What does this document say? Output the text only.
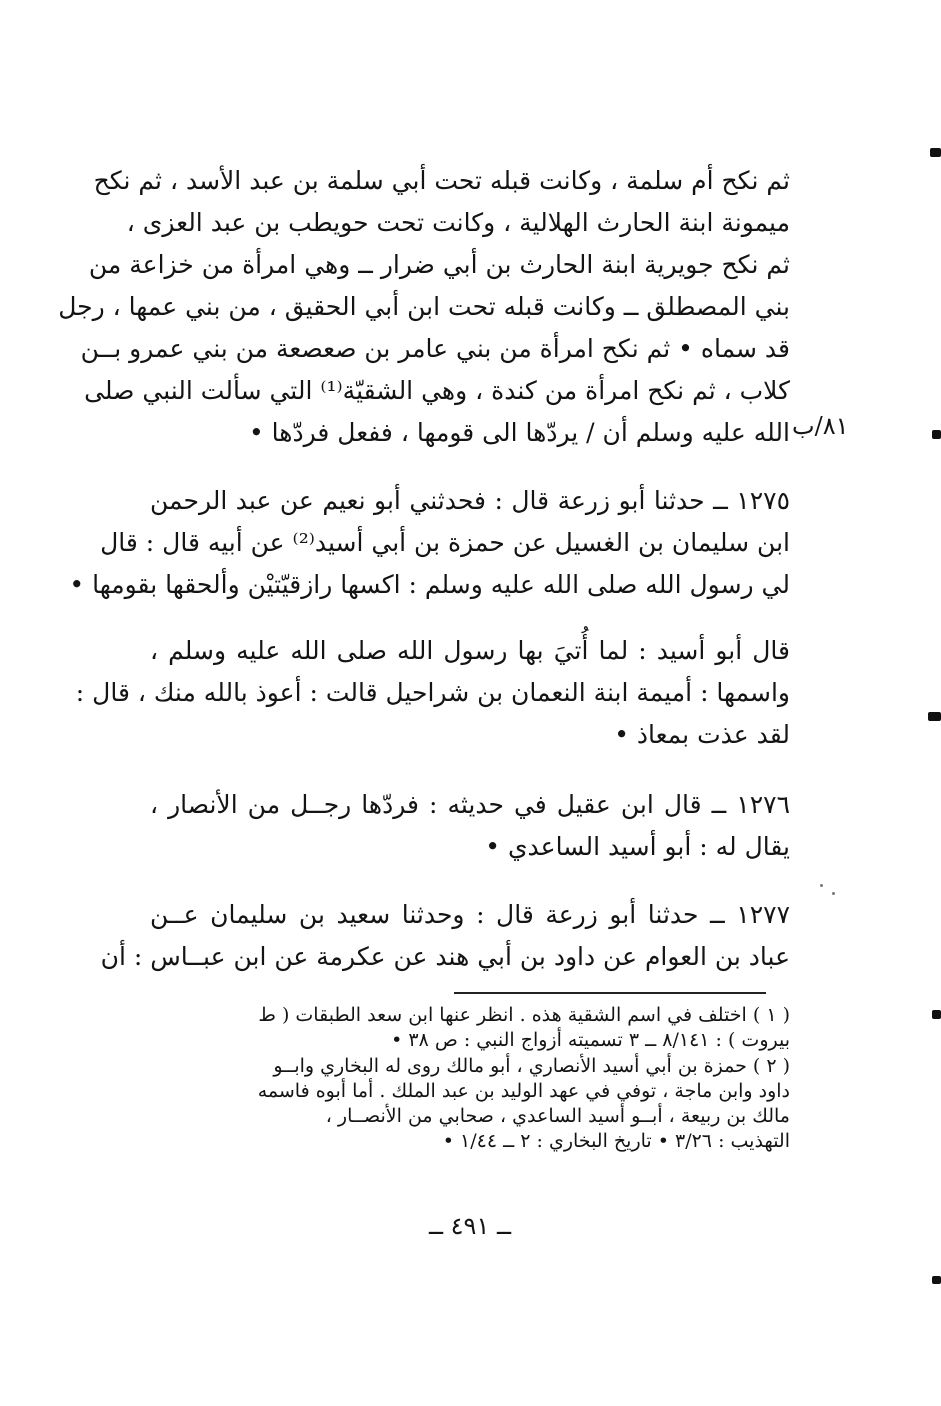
ثم نكح أم سلمة ، وكانت قبله تحت أبي سلمة بن عبد الأسد ، ثم نكح
ميمونة ابنة الحارث الهلالية ، وكانت تحت حويطب بن عبد العزى ،
ثم نكح جويرية ابنة الحارث بن أبي ضرار ــ وهي امرأة من خزاعة من
بني المصطلق ــ وكانت قبله تحت ابن أبي الحقيق ، من بني عمها ، رجل
قد سماه • ثم نكح امرأة من بني عامر بن صعصعة من بني عمرو بــن
كلاب ، ثم نكح امرأة من كندة ، وهي الشقيّة⁽¹⁾ التي سألت النبي صلى
الله عليه وسلم أن / يردّها الى قومها ، ففعل فردّها • ٨١/ب
١٢٧٥ ــ حدثنا أبو زرعة قال : فحدثني أبو نعيم عن عبد الرحمن
ابن سليمان بن الغسيل عن حمزة بن أبي أسيد⁽²⁾ عن أبيه قال : قال
لي رسول الله صلى الله عليه وسلم : اكسها رازقيّتيْن وألحقها بقومها •
قال أبو أسيد : لما أُتيَ بها رسول الله صلى الله عليه وسلم ،
واسمها : أميمة ابنة النعمان بن شراحيل قالت : أعوذ بالله منك ، قال :
لقد عذت بمعاذ •
١٢٧٦ ــ قال ابن عقيل في حديثه : فردّها رجــل من الأنصار ،
يقال له : أبو أسيد الساعدي •
١٢٧٧ ــ حدثنا أبو زرعة قال : وحدثنا سعيد بن سليمان عــن
عباد بن العوام عن داود بن أبي هند عن عكرمة عن ابن عبــاس : أن
( ١ ) اختلف في اسم الشقية هذه . انظر عنها ابن سعد الطبقات ( ط
بيروت ) : ٨/١٤١ ــ ٣ تسميته أزواج النبي : ص ٣٨ •
( ٢ ) حمزة بن أبي أسيد الأنصاري ، أبو مالك روى له البخاري وابــو
داود وابن ماجة ، توفي في عهد الوليد بن عبد الملك . أما أبوه فاسمه
مالك بن ربيعة ، أبــو أسيد الساعدي ، صحابي من الأنصــار ،
التهذيب : ٣/٢٦ • تاريخ البخاري : ٢ ــ ١/٤٤ •
ــ ٤٩١ ــ
